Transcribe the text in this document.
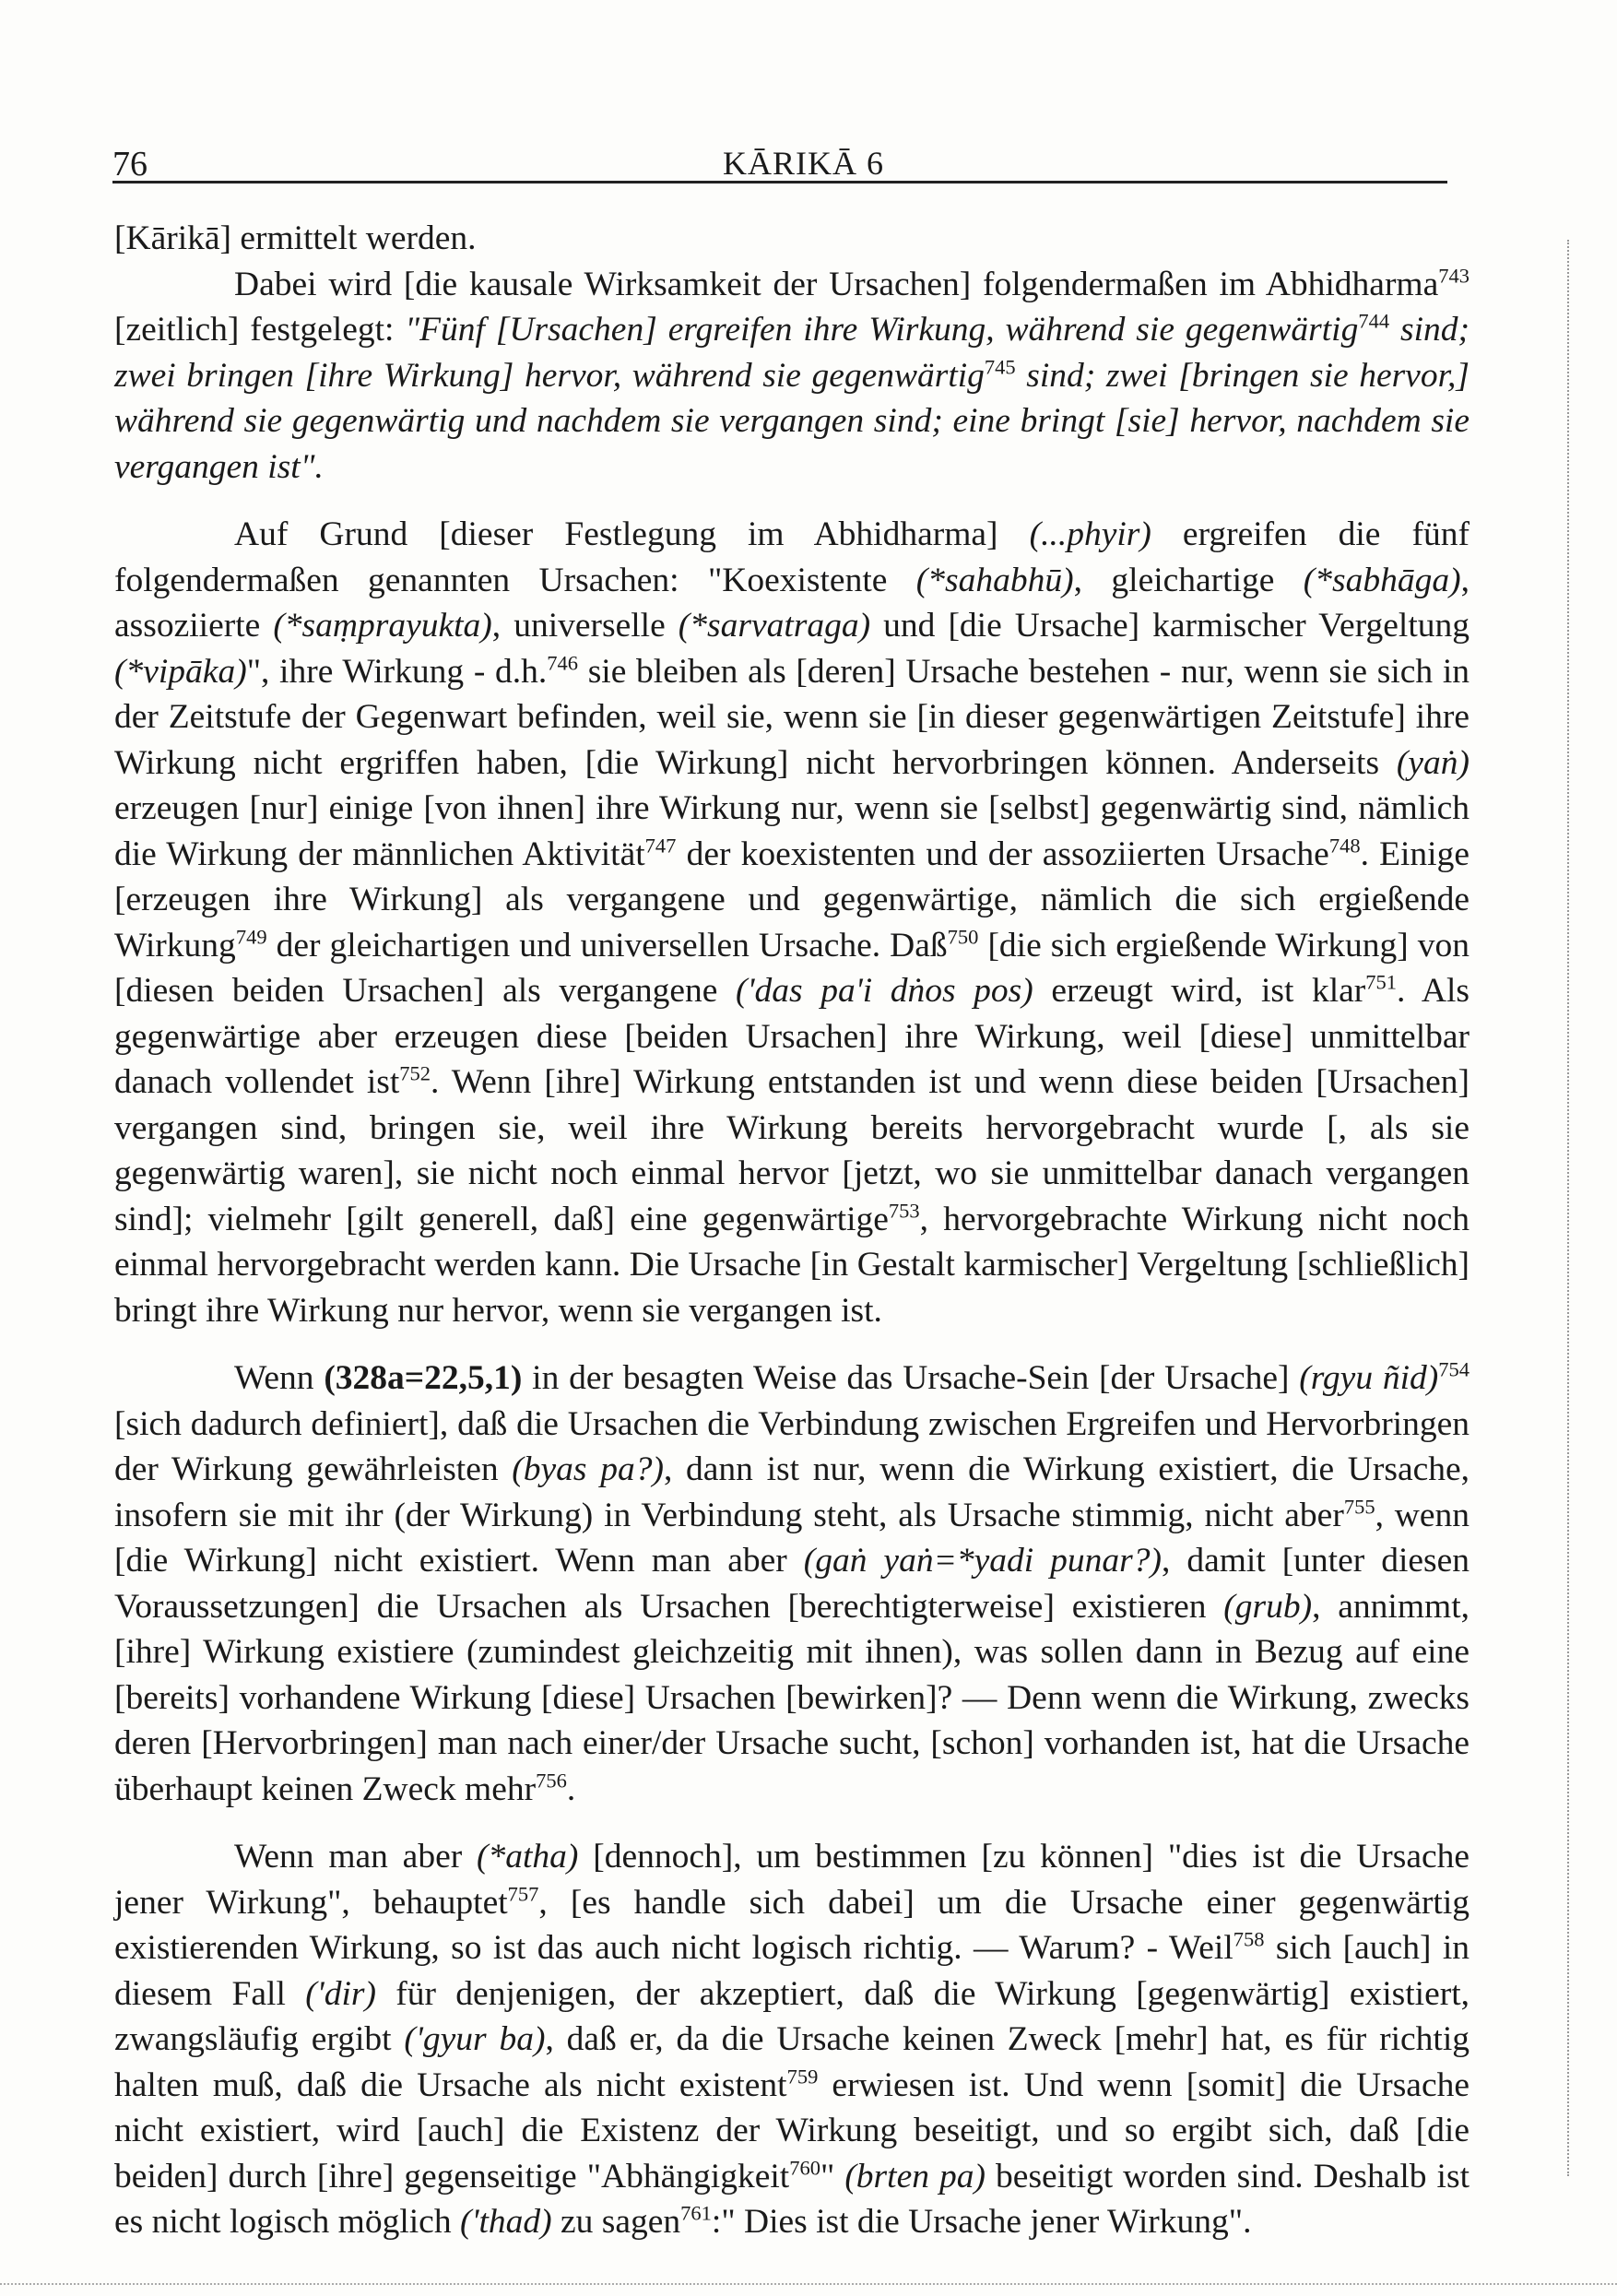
76	KĀRIKĀ 6

[Kārikā] ermittelt werden.

Dabei wird [die kausale Wirksamkeit der Ursachen] folgendermaßen im Abhidharma$^{743}$ [zeitlich] festgelegt: "Fünf [Ursachen] ergreifen ihre Wirkung, während sie gegenwärtig$^{744}$ sind; zwei bringen [ihre Wirkung] hervor, während sie gegenwärtig$^{745}$ sind; zwei [bringen sie hervor,] während sie gegenwärtig und nachdem sie vergangen sind; eine bringt [sie] hervor, nachdem sie vergangen ist".

Auf Grund [dieser Festlegung im Abhidharma] (...phyir) ergreifen die fünf folgendermaßen genannten Ursachen: "Koexistente (*sahabhū), gleichartige (*sabhāga), assoziierte (*saṃprayukta), universelle (*sarvatraga) und [die Ursache] karmischer Vergeltung (*vipāka)", ihre Wirkung - d.h.$^{746}$ sie bleiben als [deren] Ursache bestehen - nur, wenn sie sich in der Zeitstufe der Gegenwart befinden, weil sie, wenn sie [in dieser gegenwärtigen Zeitstufe] ihre Wirkung nicht ergriffen haben, [die Wirkung] nicht hervorbringen können. Anderseits (yaṅ) erzeugen [nur] einige [von ihnen] ihre Wirkung nur, wenn sie [selbst] gegenwärtig sind, nämlich die Wirkung der männlichen Aktivität$^{747}$ der koexistenten und der assoziierten Ursache$^{748}$. Einige [erzeugen ihre Wirkung] als vergangene und gegenwärtige, nämlich die sich ergießende Wirkung$^{749}$ der gleichartigen und universellen Ursache. Daß$^{750}$ [die sich ergießende Wirkung] von [diesen beiden Ursachen] als vergangene ('das pa'i dṅos pos) erzeugt wird, ist klar$^{751}$. Als gegenwärtige aber erzeugen diese [beiden Ursachen] ihre Wirkung, weil [diese] unmittelbar danach vollendet ist$^{752}$. Wenn [ihre] Wirkung entstanden ist und wenn diese beiden [Ursachen] vergangen sind, bringen sie, weil ihre Wirkung bereits hervorgebracht wurde [, als sie gegenwärtig waren], sie nicht noch einmal hervor [jetzt, wo sie unmittelbar danach vergangen sind]; vielmehr [gilt generell, daß] eine gegenwärtige$^{753}$, hervorgebrachte Wirkung nicht noch einmal hervorgebracht werden kann. Die Ursache [in Gestalt karmischer] Vergeltung [schließlich] bringt ihre Wirkung nur hervor, wenn sie vergangen ist.

Wenn (328a=22,5,1) in der besagten Weise das Ursache-Sein [der Ursache] (rgyu ñid)$^{754}$ [sich dadurch definiert], daß die Ursachen die Verbindung zwischen Ergreifen und Hervorbringen der Wirkung gewährleisten (byas pa?), dann ist nur, wenn die Wirkung existiert, die Ursache, insofern sie mit ihr (der Wirkung) in Verbindung steht, als Ursache stimmig, nicht aber$^{755}$, wenn [die Wirkung] nicht existiert. Wenn man aber (gaṅ yaṅ=*yadi punar?), damit [unter diesen Voraussetzungen] die Ursachen als Ursachen [berechtigterweise] existieren (grub), annimmt, [ihre] Wirkung existiere (zumindest gleichzeitig mit ihnen), was sollen dann in Bezug auf eine [bereits] vorhandene Wirkung [diese] Ursachen [bewirken]? — Denn wenn die Wirkung, zwecks deren [Hervorbringen] man nach einer/der Ursache sucht, [schon] vorhanden ist, hat die Ursache überhaupt keinen Zweck mehr$^{756}$.

Wenn man aber (*atha) [dennoch], um bestimmen [zu können] "dies ist die Ursache jener Wirkung", behauptet$^{757}$, [es handle sich dabei] um die Ursache einer gegenwärtig existierenden Wirkung, so ist das auch nicht logisch richtig. — Warum? - Weil$^{758}$ sich [auch] in diesem Fall ('dir) für denjenigen, der akzeptiert, daß die Wirkung [gegenwärtig] existiert, zwangsläufig ergibt ('gyur ba), daß er, da die Ursache keinen Zweck [mehr] hat, es für richtig halten muß, daß die Ursache als nicht existent$^{759}$ erwiesen ist. Und wenn [somit] die Ursache nicht existiert, wird [auch] die Existenz der Wirkung beseitigt, und so ergibt sich, daß [die beiden] durch [ihre] gegenseitige "Abhängigkeit$^{760}$" (brten pa) beseitigt worden sind. Deshalb ist es nicht logisch möglich ('thad) zu sagen$^{761}$:" Dies ist die Ursache jener Wirkung".
